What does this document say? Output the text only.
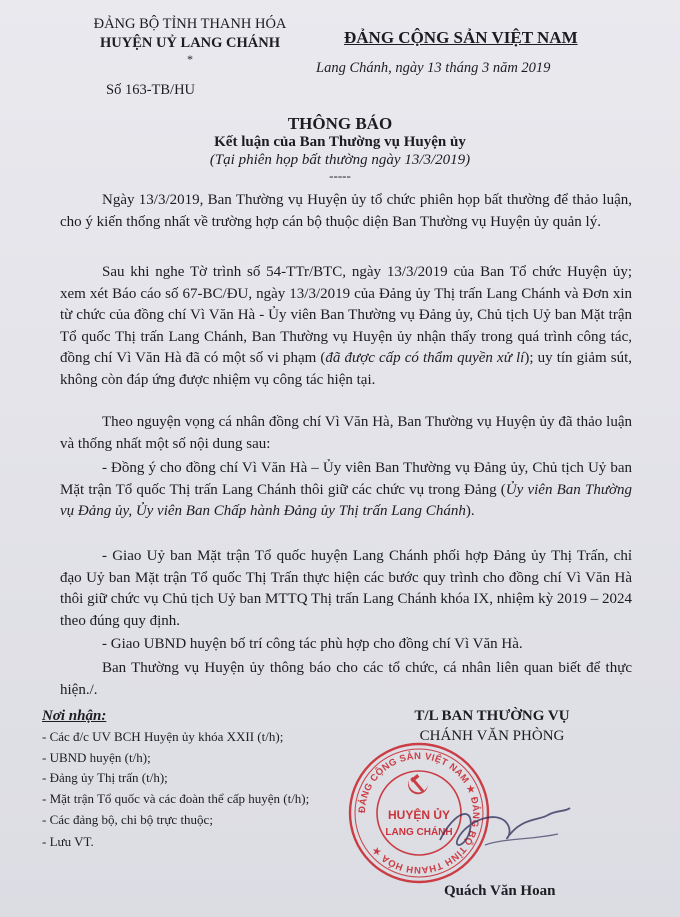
ĐẢNG BỘ TỈNH THANH HÓA
HUYỆN UỶ LANG CHÁNH
*
Số 163-TB/HU
ĐẢNG CỘNG SẢN VIỆT NAM
Lang Chánh, ngày 13 tháng 3 năm 2019
THÔNG BÁO
Kết luận của Ban Thường vụ Huyện ủy
(Tại phiên họp bất thường ngày 13/3/2019)
-----
Ngày 13/3/2019, Ban Thường vụ Huyện ủy tổ chức phiên họp bất thường để thảo luận, cho ý kiến thống nhất về trường hợp cán bộ thuộc diện Ban Thường vụ Huyện ủy quản lý.
Sau khi nghe Tờ trình số 54-TTr/BTC, ngày 13/3/2019 của Ban Tổ chức Huyện ủy; xem xét Báo cáo số 67-BC/ĐU, ngày 13/3/2019 của Đảng ủy Thị trấn Lang Chánh và Đơn xin từ chức của đồng chí Vì Văn Hà - Ủy viên Ban Thường vụ Đảng ủy, Chủ tịch Uỷ ban Mặt trận Tổ quốc Thị trấn Lang Chánh, Ban Thường vụ Huyện ủy nhận thấy trong quá trình công tác, đồng chí Vì Văn Hà đã có một số vi phạm (đã được cấp có thẩm quyền xử lí); uy tín giảm sút, không còn đáp ứng được nhiệm vụ công tác hiện tại.
Theo nguyện vọng cá nhân đồng chí Vì Văn Hà, Ban Thường vụ Huyện ủy đã thảo luận và thống nhất một số nội dung sau:
- Đồng ý cho đồng chí Vì Văn Hà – Ủy viên Ban Thường vụ Đảng ủy, Chủ tịch Uỷ ban Mặt trận Tổ quốc Thị trấn Lang Chánh thôi giữ các chức vụ trong Đảng (Ủy viên Ban Thường vụ Đảng ủy, Ủy viên Ban Chấp hành Đảng ủy Thị trấn Lang Chánh).
- Giao Uỷ ban Mặt trận Tổ quốc huyện Lang Chánh phối hợp Đảng ủy Thị Trấn, chỉ đạo Uỷ ban Mặt trận Tổ quốc Thị Trấn thực hiện các bước quy trình cho đồng chí Vì Văn Hà thôi giữ chức vụ Chủ tịch Uỷ ban MTTQ Thị trấn Lang Chánh khóa IX, nhiệm kỳ 2019 – 2024 theo đúng quy định.
- Giao UBND huyện bố trí công tác phù hợp cho đồng chí Vì Văn Hà.
Ban Thường vụ Huyện ủy thông báo cho các tổ chức, cá nhân liên quan biết để thực hiện./.
Nơi nhận:
- Các đ/c UV BCH Huyện ủy khóa XXII (t/h);
- UBND huyện (t/h);
- Đảng ủy Thị trấn (t/h);
- Mặt trận Tổ quốc và các đoàn thể cấp huyện (t/h);
- Các đảng bộ, chi bộ trực thuộc;
- Lưu VT.
T/L BAN THƯỜNG VỤ
CHÁNH VĂN PHÒNG
ĐẢNG CỘNG SẢN VIỆT NAM ★ ĐẢNG BỘ TỈNH THANH HÓA ★
HUYỆN ỦY
LANG CHÁNH
Quách Văn Hoan
